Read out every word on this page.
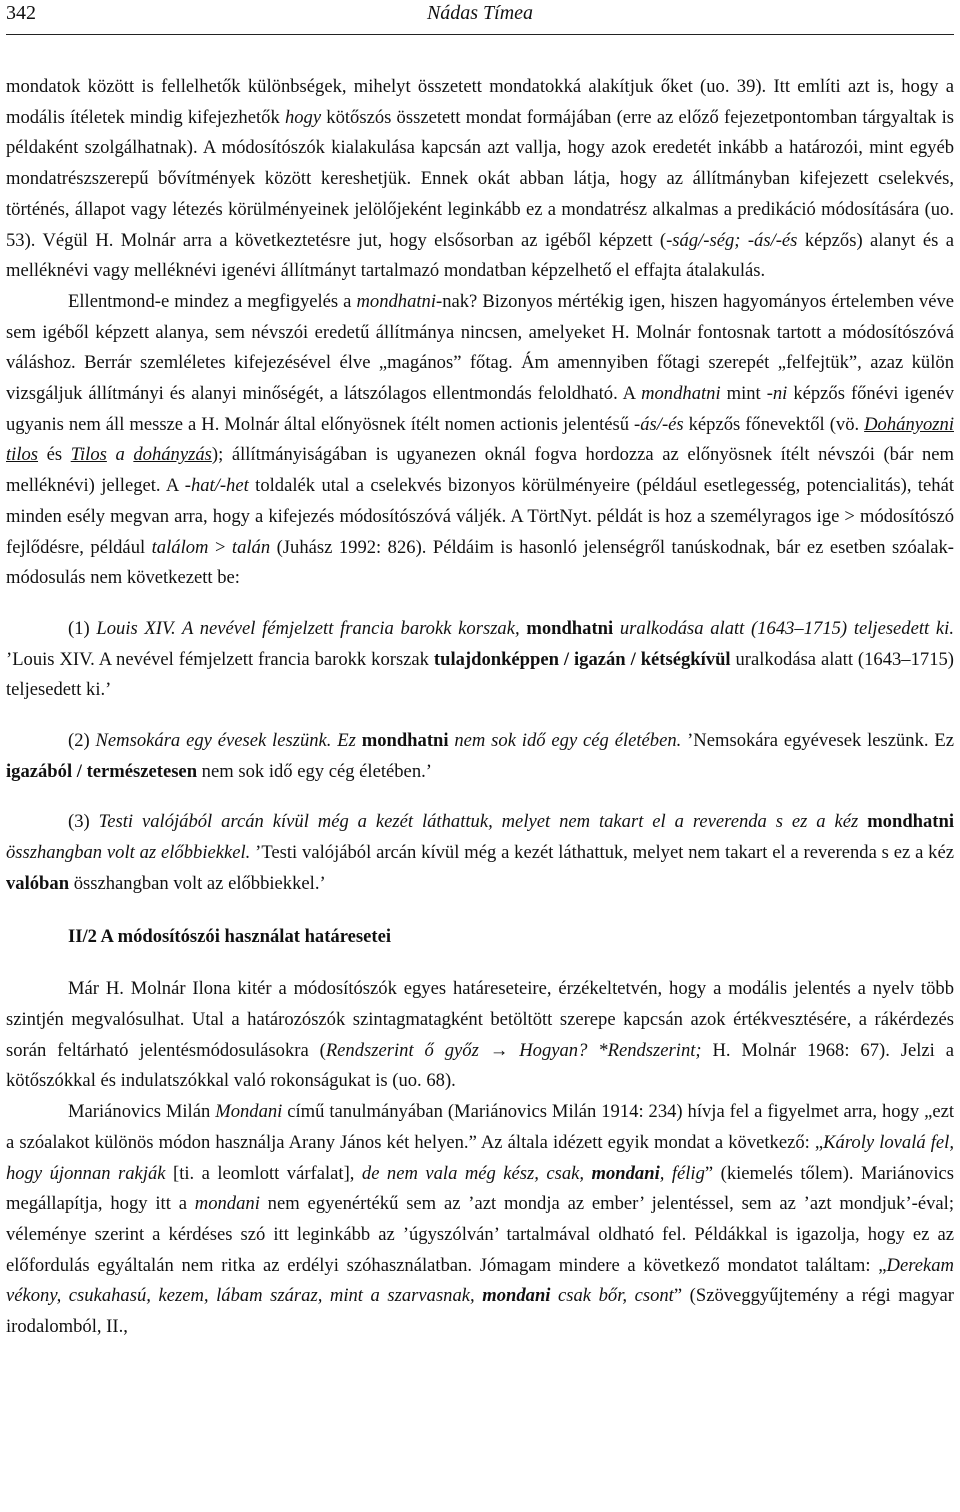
342	Nádas Tímea

mondatok között is fellelhetők különbségek, mihelyt összetett mondatokká alakítjuk őket (uo. 39). Itt említi azt is, hogy a modális ítéletek mindig kifejezhetők hogy kötőszós összetett mondat formájában (erre az előző fejezetpontomban tárgyaltak is példaként szolgálhatnak). A módosítószók kialakulása kapcsán azt vallja, hogy azok eredetét inkább a határozói, mint egyéb mondatrészszerepű bővítmények között kereshetjük. Ennek okát abban látja, hogy az állítmányban kifejezett cselekvés, történés, állapot vagy létezés körülményeinek jelölőjeként leginkább ez a mondatrész alkalmas a predikáció módosítására (uo. 53). Végül H. Molnár arra a következtetésre jut, hogy elsősorban az igéből képzett (-ság/-ség; -ás/-és képzős) alanyt és a melléknévi vagy melléknévi igenévi állítmányt tartalmazó mondatban képzelhető el effajta átalakulás.

Ellentmond-e mindez a megfigyelés a mondhatni-nak? Bizonyos mértékig igen, hiszen hagyományos értelemben véve sem igéből képzett alanya, sem névszói eredetű állítmánya nincsen, amelyeket H. Molnár fontosnak tartott a módosítószóvá váláshoz. Berrár szemléletes kifejezésével élve „magános” főtag. Ám amennyiben főtagi szerepét „felfejtük”, azaz külön vizsgáljuk állítmányi és alanyi minőségét, a látszólagos ellentmondás feloldható. A mondhatni mint -ni képzős főnévi igenév ugyanis nem áll messze a H. Molnár által előnyösnek ítélt nomen actionis jelentésű -ás/-és képzős főnevektől (vö. Dohányozni tilos és Tilos a dohányzás); állítmányiságában is ugyanezen oknál fogva hordozza az előnyösnek ítélt névszói (bár nem melléknévi) jelleget. A -hat/-het toldalék utal a cselekvés bizonyos körülményeire (például esetlegesség, potencialitás), tehát minden esély megvan arra, hogy a kifejezés módosítószóvá váljék. A TörtNyt. példát is hoz a személyragos ige > módosítószó fejlődésre, például találom > talán (Juhász 1992: 826). Példáim is hasonló jelenségről tanúskodnak, bár ez esetben szóalak-módosulás nem következett be:

(1) Louis XIV. A nevével fémjelzett francia barokk korszak, mondhatni uralkodása alatt (1643–1715) teljesedett ki. ’Louis XIV. A nevével fémjelzett francia barokk korszak tulajdonképpen / igazán / kétségkívül uralkodása alatt (1643–1715) teljesedett ki.’

(2) Nemsokára egy évesek leszünk. Ez mondhatni nem sok idő egy cég életében. ’Nemsokára egyévesek leszünk. Ez igazából / természetesen nem sok idő egy cég életében.’

(3) Testi valójából arcán kívül még a kezét láthattuk, melyet nem takart el a reverenda s ez a kéz mondhatni összhangban volt az előbbiekkel. ’Testi valójából arcán kívül még a kezét láthattuk, melyet nem takart el a reverenda s ez a kéz valóban összhangban volt az előbbiekkel.’

II/2 A módosítószói használat határesetei

Már H. Molnár Ilona kitér a módosítószók egyes határeseteire, érzékeltetvén, hogy a modális jelentés a nyelv több szintjén megvalósulhat. Utal a határozószók szintagmatagként betöltött szerepe kapcsán azok értékvesztésére, a rákérdezés során feltárható jelentésmódosulásokra (Rendszerint ő győz → Hogyan? *Rendszerint; H. Molnár 1968: 67). Jelzi a kötőszókkal és indulatszókkal való rokonságukat is (uo. 68).

Mariánovics Milán Mondani című tanulmányában (Mariánovics Milán 1914: 234) hívja fel a figyelmet arra, hogy „ezt a szóalakot különös módon használja Arany János két helyen.” Az általa idézett egyik mondat a következő: „Károly lovalá fel, hogy újonnan rakják [ti. a leomlott várfalat], de nem vala még kész, csak, mondani, félig” (kiemelés tőlem). Mariánovics megállapítja, hogy itt a mondani nem egyenértékű sem az ’azt mondja az ember’ jelentéssel, sem az ’azt mondjuk’-éval; véleménye szerint a kérdéses szó itt leginkább az ’úgyszólván’ tartalmával oldható fel. Példákkal is igazolja, hogy ez az előfordulás egyáltalán nem ritka az erdélyi szóhasználatban. Jómagam mindere a következő mondatot találtam: „Derekam vékony, csukahasú, kezem, lábam száraz, mint a szarvasnak, mondani csak bőr, csont” (Szöveggyűjtemény a régi magyar irodalomból, II.,
